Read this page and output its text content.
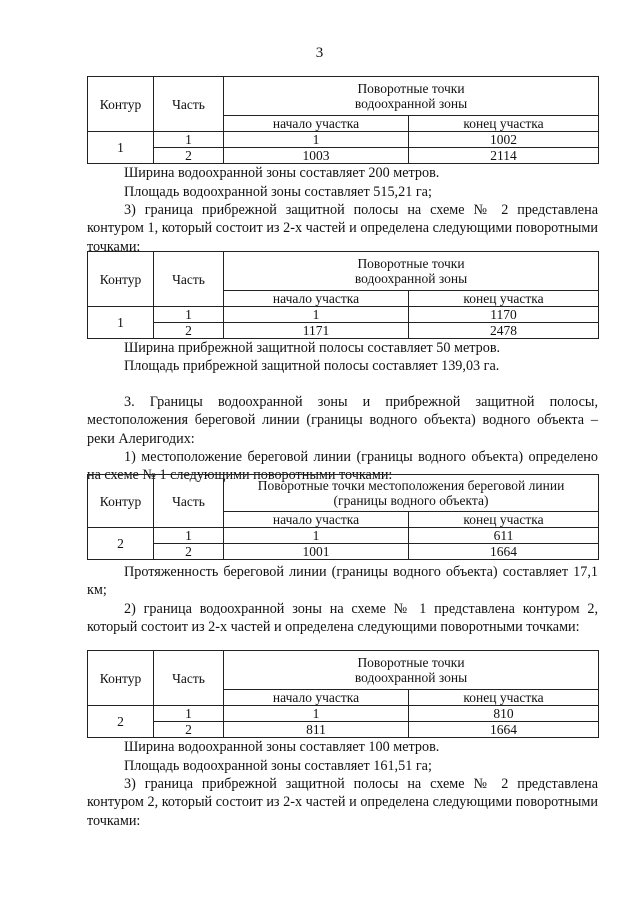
3
Контур	Часть	Поворотные точки
водоохранной зоны	
		начало участка	конец участка
1	1	1	1002
	2	1003	2114

Ширина водоохранной зоны составляет 200 метров.

Площадь водоохранной зоны составляет 515,21 га;

3) граница прибрежной защитной полосы на схеме № 2 представлена контуром 1, который состоит из 2-х частей и определена следующими поворотными точками:

Контур	Часть	Поворотные точки
водоохранной зоны	
		начало участка	конец участка
1	1	1	1170
	2	1171	2478

Ширина прибрежной защитной полосы составляет 50 метров.

Площадь прибрежной защитной полосы составляет 139,03 га.

3. Границы водоохранной зоны и прибрежной защитной полосы, местоположения береговой линии (границы водного объекта) водного объекта – реки Алеригодих:

1) местоположение береговой линии (границы водного объекта) определено на схеме № 1 следующими поворотными точками:

Контур	Часть	Поворотные точки местоположения береговой линии
(границы водного объекта)	
		начало участка	конец участка
2	1	1	611
	2	1001	1664

Протяженность береговой линии (границы водного объекта) составляет 17,1 км;

2) граница водоохранной зоны на схеме № 1 представлена контуром 2, который состоит из 2-х частей и определена следующими поворотными точками:

Контур	Часть	Поворотные точки
водоохранной зоны	
		начало участка	конец участка
2	1	1	810
	2	811	1664

Ширина водоохранной зоны составляет 100 метров.

Площадь водоохранной зоны составляет 161,51 га;

3) граница прибрежной защитной полосы на схеме № 2 представлена контуром 2, который состоит из 2-х частей и определена следующими поворотными точками:
